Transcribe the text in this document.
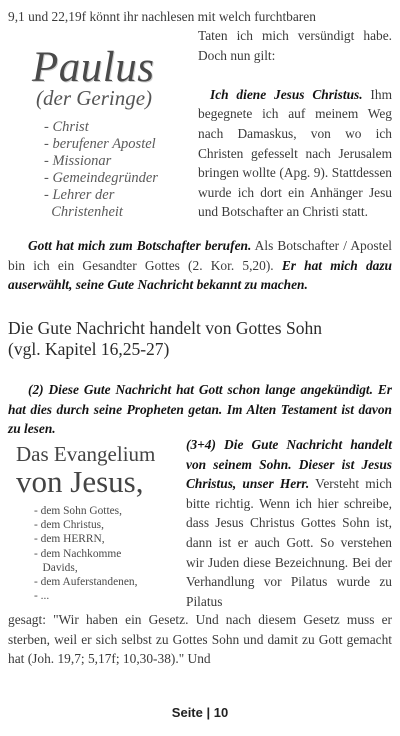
9,1 und 22,19f könnt ihr nachlesen mit welch furchtbaren

Paulus
(der Geringe)
- Christ
- berufener Apostel
- Missionar
- Gemeindegründer
- Lehrer der
Christenheit

Taten ich mich versündigt habe. Doch nun gilt:

Ich diene Jesus Christus. Ihm begegnete ich auf meinem Weg nach Damaskus, von wo ich Christen gefesselt nach Jerusalem bringen wollte (Apg. 9). Stattdessen wurde ich dort ein Anhänger Jesu und Botschafter an Christi statt.

Gott hat mich zum Botschafter berufen. Als Botschafter / Apostel bin ich ein Gesandter Gottes (2. Kor. 5,20). Er hat mich dazu auserwählt, seine Gute Nachricht bekannt zu machen.

Die Gute Nachricht handelt von Gottes Sohn
(vgl. Kapitel 16,25-27)

(2) Diese Gute Nachricht hat Gott schon lange angekündigt. Er hat dies durch seine Propheten getan. Im Alten Testament ist davon zu lesen.

Das Evangelium
von Jesus,
- dem Sohn Gottes,
- dem Christus,
- dem HERRN,
- dem Nachkomme
Davids,
- dem Auferstandenen,
- ...

(3+4) Die Gute Nachricht handelt von seinem Sohn. Dieser ist Jesus Christus, unser Herr. Versteht mich bitte richtig. Wenn ich hier schreibe, dass Jesus Christus Gottes Sohn ist, dann ist er auch Gott. So verstehen wir Juden diese Bezeichnung. Bei der Verhandlung vor Pilatus wurde zu Pilatus

gesagt: "Wir haben ein Gesetz. Und nach diesem Gesetz muss er sterben, weil er sich selbst zu Gottes Sohn und damit zu Gott gemacht hat (Joh. 19,7; 5,17f; 10,30-38)." Und

Seite | 10
